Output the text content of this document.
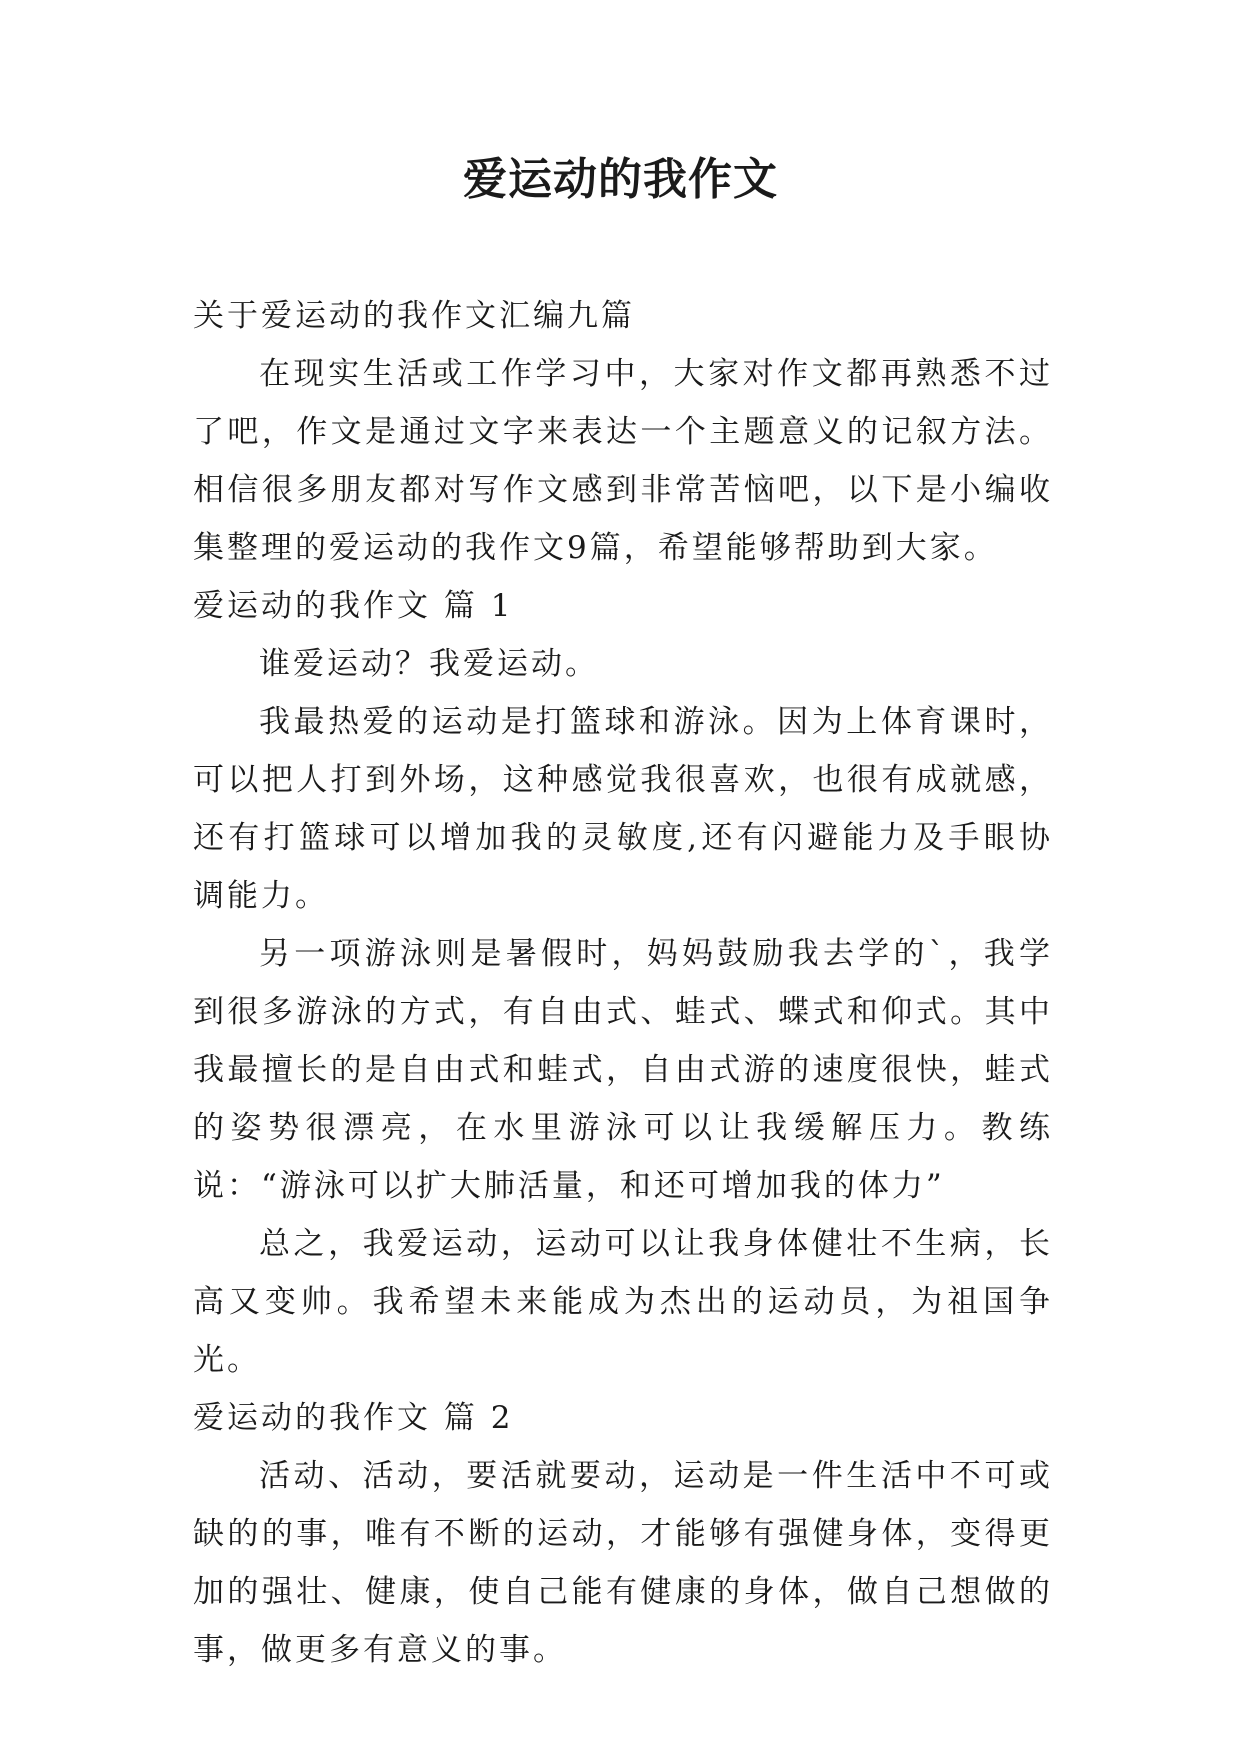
爱运动的我作文

关于爱运动的我作文汇编九篇

在现实生活或工作学习中，大家对作文都再熟悉不过了吧，作文是通过文字来表达一个主题意义的记叙方法。相信很多朋友都对写作文感到非常苦恼吧，以下是小编收集整理的爱运动的我作文9篇，希望能够帮助到大家。

爱运动的我作文 篇 1

谁爱运动？我爱运动。

我最热爱的运动是打篮球和游泳。因为上体育课时，可以把人打到外场，这种感觉我很喜欢，也很有成就感，还有打篮球可以增加我的灵敏度,还有闪避能力及手眼协调能力。

另一项游泳则是暑假时，妈妈鼓励我去学的`，我学到很多游泳的方式，有自由式、蛙式、蝶式和仰式。其中我最擅长的是自由式和蛙式，自由式游的速度很快，蛙式的姿势很漂亮，在水里游泳可以让我缓解压力。教练说：“游泳可以扩大肺活量，和还可增加我的体力”

总之，我爱运动，运动可以让我身体健壮不生病，长高又变帅。我希望未来能成为杰出的运动员，为祖国争光。

爱运动的我作文 篇 2

活动、活动，要活就要动，运动是一件生活中不可或缺的的事，唯有不断的运动，才能够有强健身体，变得更加的强壮、健康，使自己能有健康的身体，做自己想做的事，做更多有意义的事。
